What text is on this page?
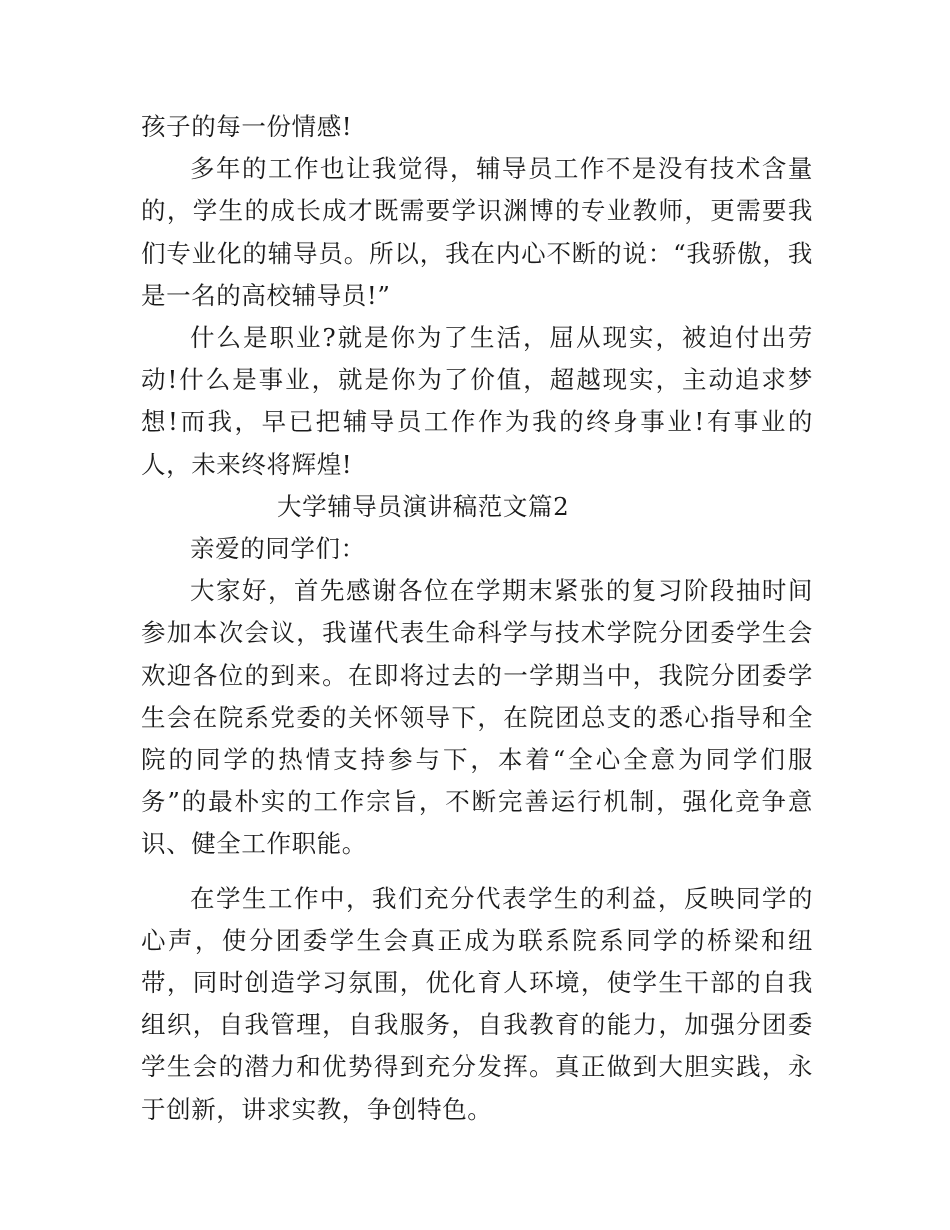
孩子的每一份情感!

多年的工作也让我觉得，辅导员工作不是没有技术含量的，学生的成长成才既需要学识渊博的专业教师，更需要我们专业化的辅导员。所以，我在内心不断的说：“我骄傲，我是一名的高校辅导员!”

什么是职业?就是你为了生活，屈从现实，被迫付出劳动!什么是事业，就是你为了价值，超越现实，主动追求梦想!而我，早已把辅导员工作作为我的终身事业!有事业的人，未来终将辉煌!

大学辅导员演讲稿范文篇2

亲爱的同学们：

大家好，首先感谢各位在学期末紧张的复习阶段抽时间参加本次会议，我谨代表生命科学与技术学院分团委学生会欢迎各位的到来。在即将过去的一学期当中，我院分团委学生会在院系党委的关怀领导下，在院团总支的悉心指导和全院的同学的热情支持参与下，本着“全心全意为同学们服务”的最朴实的工作宗旨，不断完善运行机制，强化竞争意识、健全工作职能。

在学生工作中，我们充分代表学生的利益，反映同学的心声，使分团委学生会真正成为联系院系同学的桥梁和纽带，同时创造学习氛围，优化育人环境，使学生干部的自我组织，自我管理，自我服务，自我教育的能力，加强分团委学生会的潜力和优势得到充分发挥。真正做到大胆实践，永于创新，讲求实教，争创特色。
